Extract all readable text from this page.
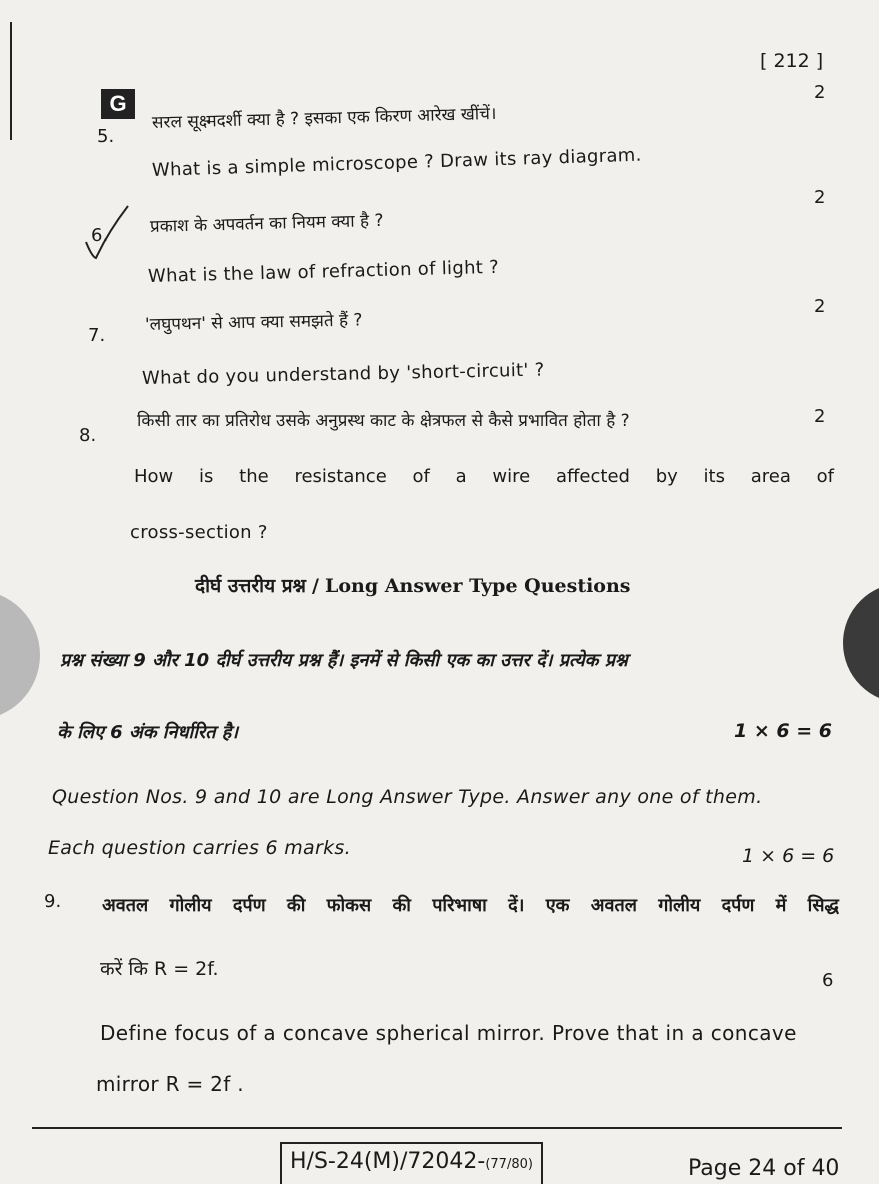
[ 212 ]
G
5.
सरल सूक्ष्मदर्शी क्या है ? इसका एक किरण आरेख खींचें।
2
What is a simple microscope ? Draw its ray diagram.
6. प्रकाश के अपवर्तन का नियम क्या है ?
2
What is the law of refraction of light ?
7.
'लघुपथन' से आप क्या समझते हैं ?
2
What do you understand by 'short-circuit' ?
8.
किसी तार का प्रतिरोध उसके अनुप्रस्थ काट के क्षेत्रफल से कैसे प्रभावित होता है ?	2
How is the resistance of a wire affected by its area of
cross-section ?
दीर्घ उत्तरीय प्रश्न / Long Answer Type Questions
प्रश्न संख्या 9 और 10 दीर्घ उत्तरीय प्रश्न हैं। इनमें से किसी एक का उत्तर दें। प्रत्येक प्रश्न
के लिए 6 अंक निर्धारित है।	1 × 6 = 6
Question Nos. 9 and 10 are Long Answer Type. Answer any one of them.
Each question carries 6 marks.	1 × 6 = 6
9. अवतल गोलीय दर्पण की फोकस की परिभाषा दें। एक अवतल गोलीय दर्पण में सिद्ध
करें कि R = 2f.
6
Define focus of a concave spherical mirror. Prove that in a concave
mirror R = 2f .
H/S-24(M)/72042-(77/80)	Page 24 of 40
